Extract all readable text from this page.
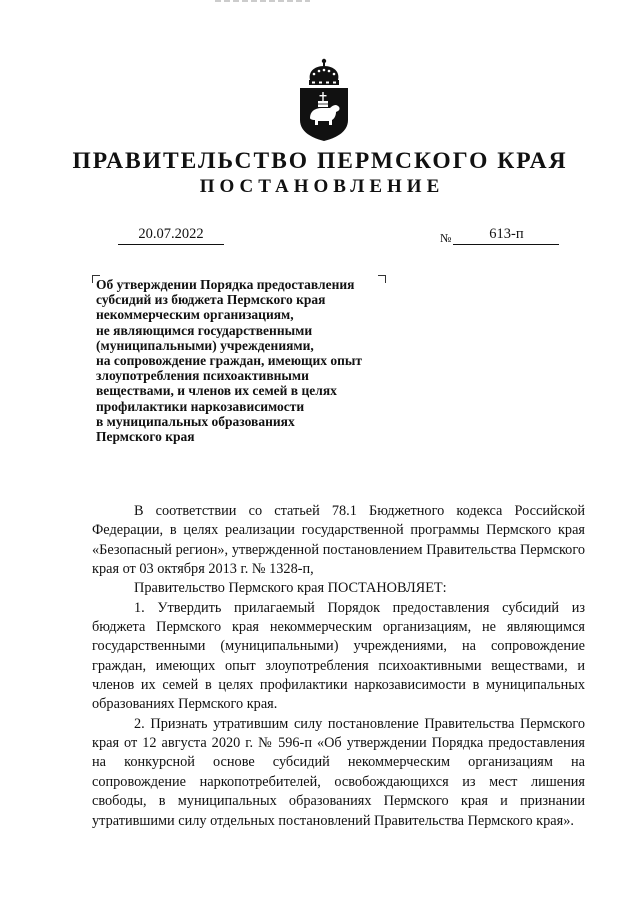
ПРАВИТЕЛЬСТВО ПЕРМСКОГО КРАЯ
ПОСТАНОВЛЕНИЕ
20.07.2022	№	613-п
Об утверждении Порядка предоставления
субсидий из бюджета Пермского края
некоммерческим организациям,
не являющимся государственными
(муниципальными) учреждениями,
на сопровождение граждан, имеющих опыт
злоупотребления психоактивными
веществами, и членов их семей в целях
профилактики наркозависимости
в муниципальных образованиях
Пермского края

В соответствии со статьей 78.1 Бюджетного кодекса Российской Федерации, в целях реализации государственной программы Пермского края «Безопасный регион», утвержденной постановлением Правительства Пермского края от 03 октября 2013 г. № 1328-п,

Правительство Пермского края ПОСТАНОВЛЯЕТ:

1. Утвердить прилагаемый Порядок предоставления субсидий из бюджета Пермского края некоммерческим организациям, не являющимся государственными (муниципальными) учреждениями, на сопровождение граждан, имеющих опыт злоупотребления психоактивными веществами, и членов их семей в целях профилактики наркозависимости в муниципальных образованиях Пермского края.

2. Признать утратившим силу постановление Правительства Пермского края от 12 августа 2020 г. № 596-п «Об утверждении Порядка предоставления на конкурсной основе субсидий некоммерческим организациям на сопровождение наркопотребителей, освобождающихся из мест лишения свободы, в муниципальных образованиях Пермского края и признании утратившими силу отдельных постановлений Правительства Пермского края».
